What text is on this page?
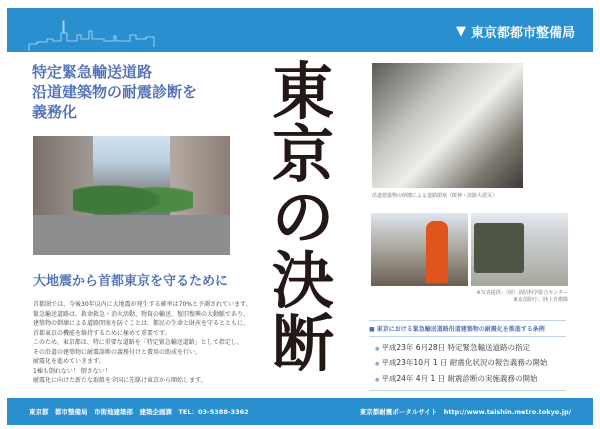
▼ 東京都都市整備局
特定緊急輸送道路
沿道建築物の耐震診断を
義務化	東
京
の
決
断
沿道建築物の倒壊による道路閉塞（阪神・淡路大震災）
※写真提供：（財）消防科学総合センター
東京消防庁、陸上自衛隊
大地震から首都東京を守るために
首都圏では、今後30年以内に大地震が発生する確率は70%と予測されています。
緊急輸送道路は、救命救急・消火活動、物資の輸送、復旧復興の大動脈であり、
建築物の倒壊による道路閉塞を防ぐことは、都民の生命と財産を守るとともに、
首都東京の機能を維持するために極めて重要です。
このため、東京都は、特に重要な道路を「特定緊急輸送道路」として指定し、
その沿道の建築物に耐震診断の義務付けと費用の助成を行い、
耐震化を進めていきます。
1棟も倒れない！ 倒さない！
耐震化に向けた新たな取組を全国に先駆け東京から開始します。
■ 東京における緊急輸送道路沿道建築物の耐震化を推進する条例
● 平成23年 6月28日 特定緊急輸送道路の指定
● 平成23年10月 1 日 耐震化状況の報告義務の開始
● 平成24年 4月 1 日 耐震診断の実施義務の開始
東京都　都市整備局　市街地建築部　建築企画課　TEL：03-5388-3362	東京都耐震ポータルサイト　http://www.taishin.metro.tokyo.jp/
